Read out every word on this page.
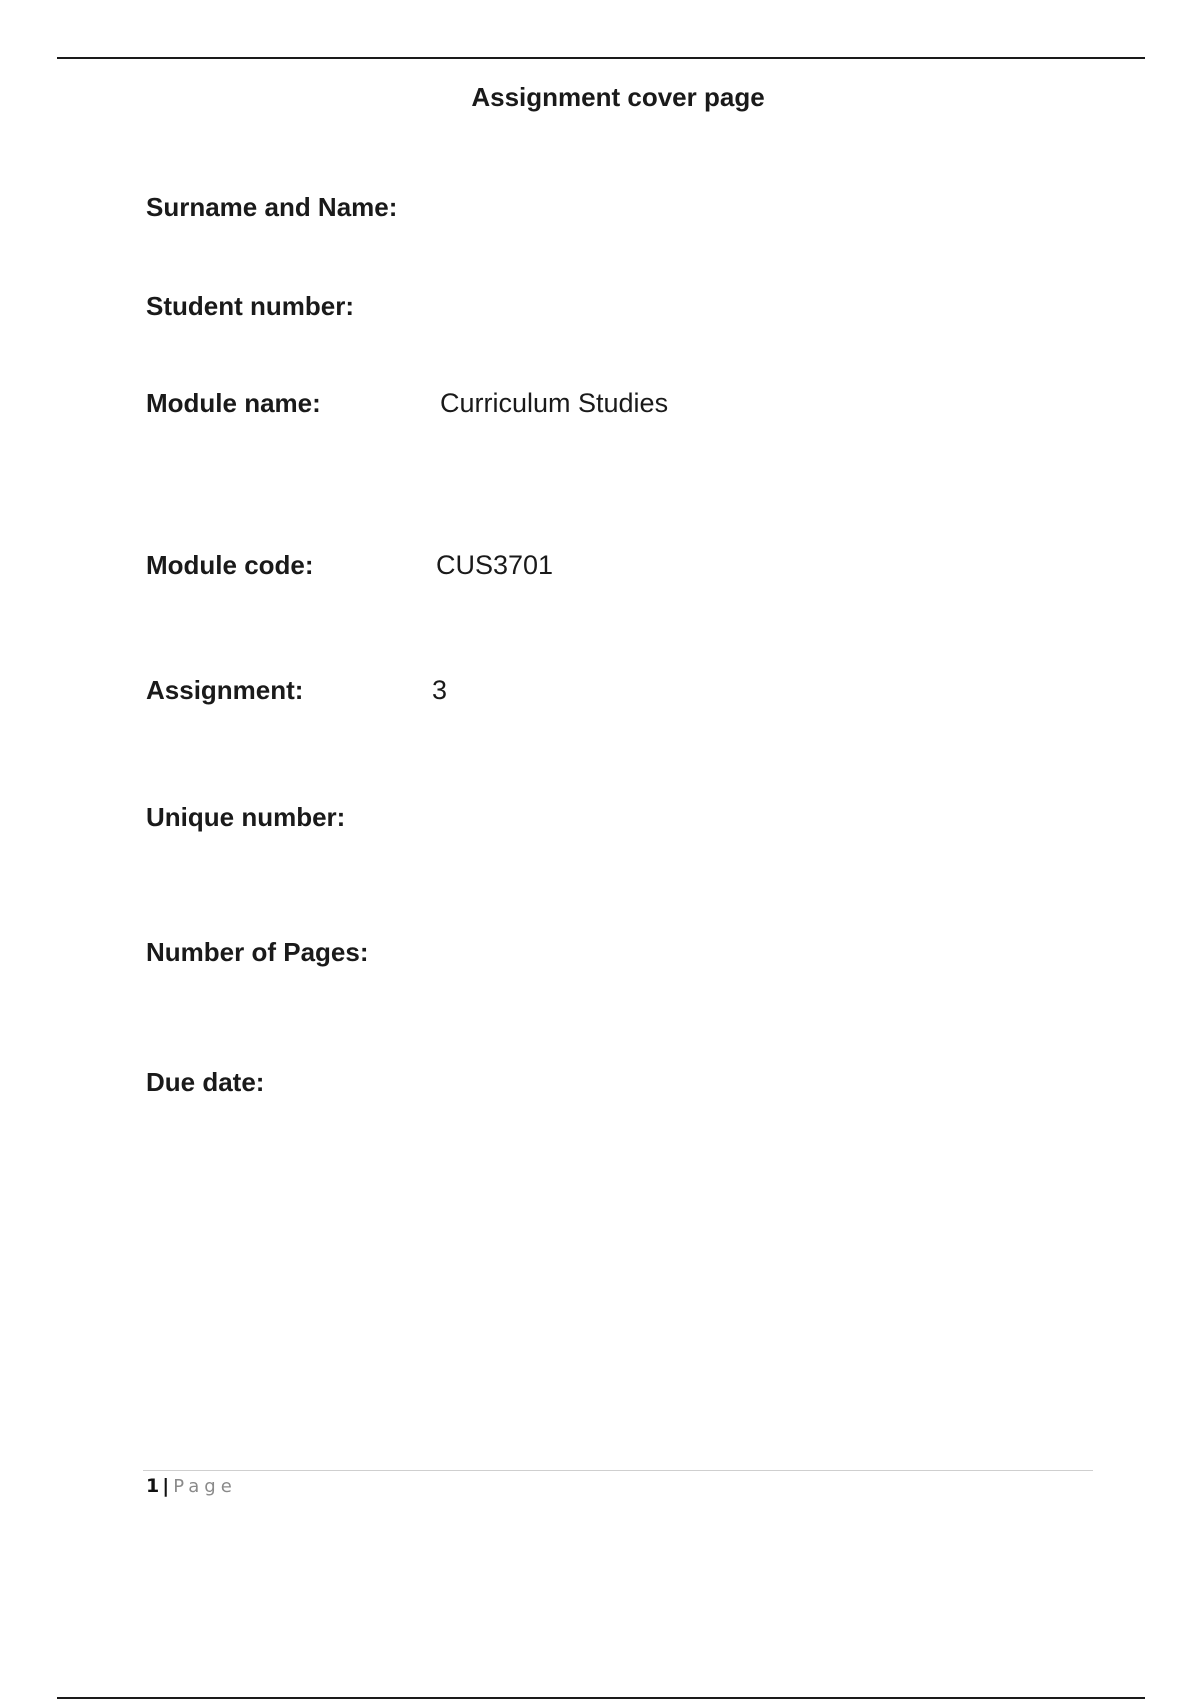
Assignment cover page
Surname and Name:
Student number:
Module name:	Curriculum Studies
Module code:	CUS3701
Assignment:	3
Unique number:
Number of Pages:
Due date:
1 | Page
